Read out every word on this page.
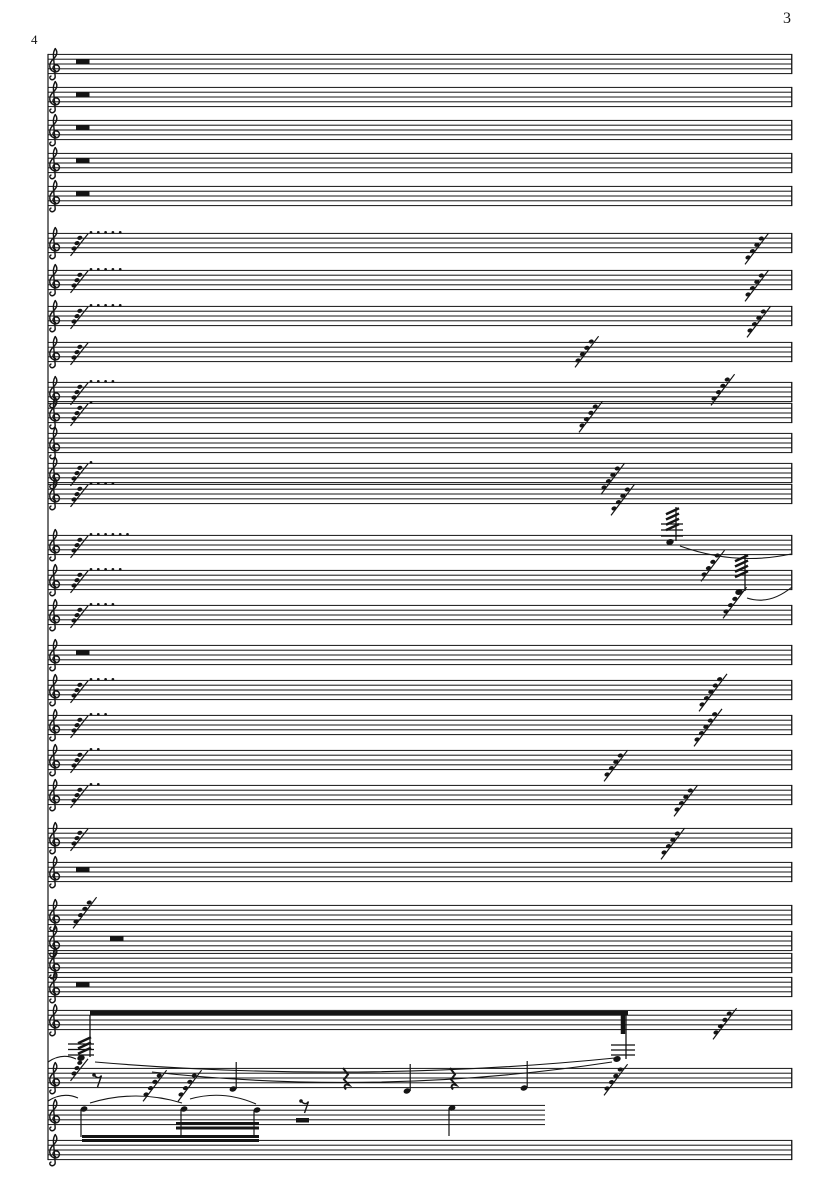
3
4
